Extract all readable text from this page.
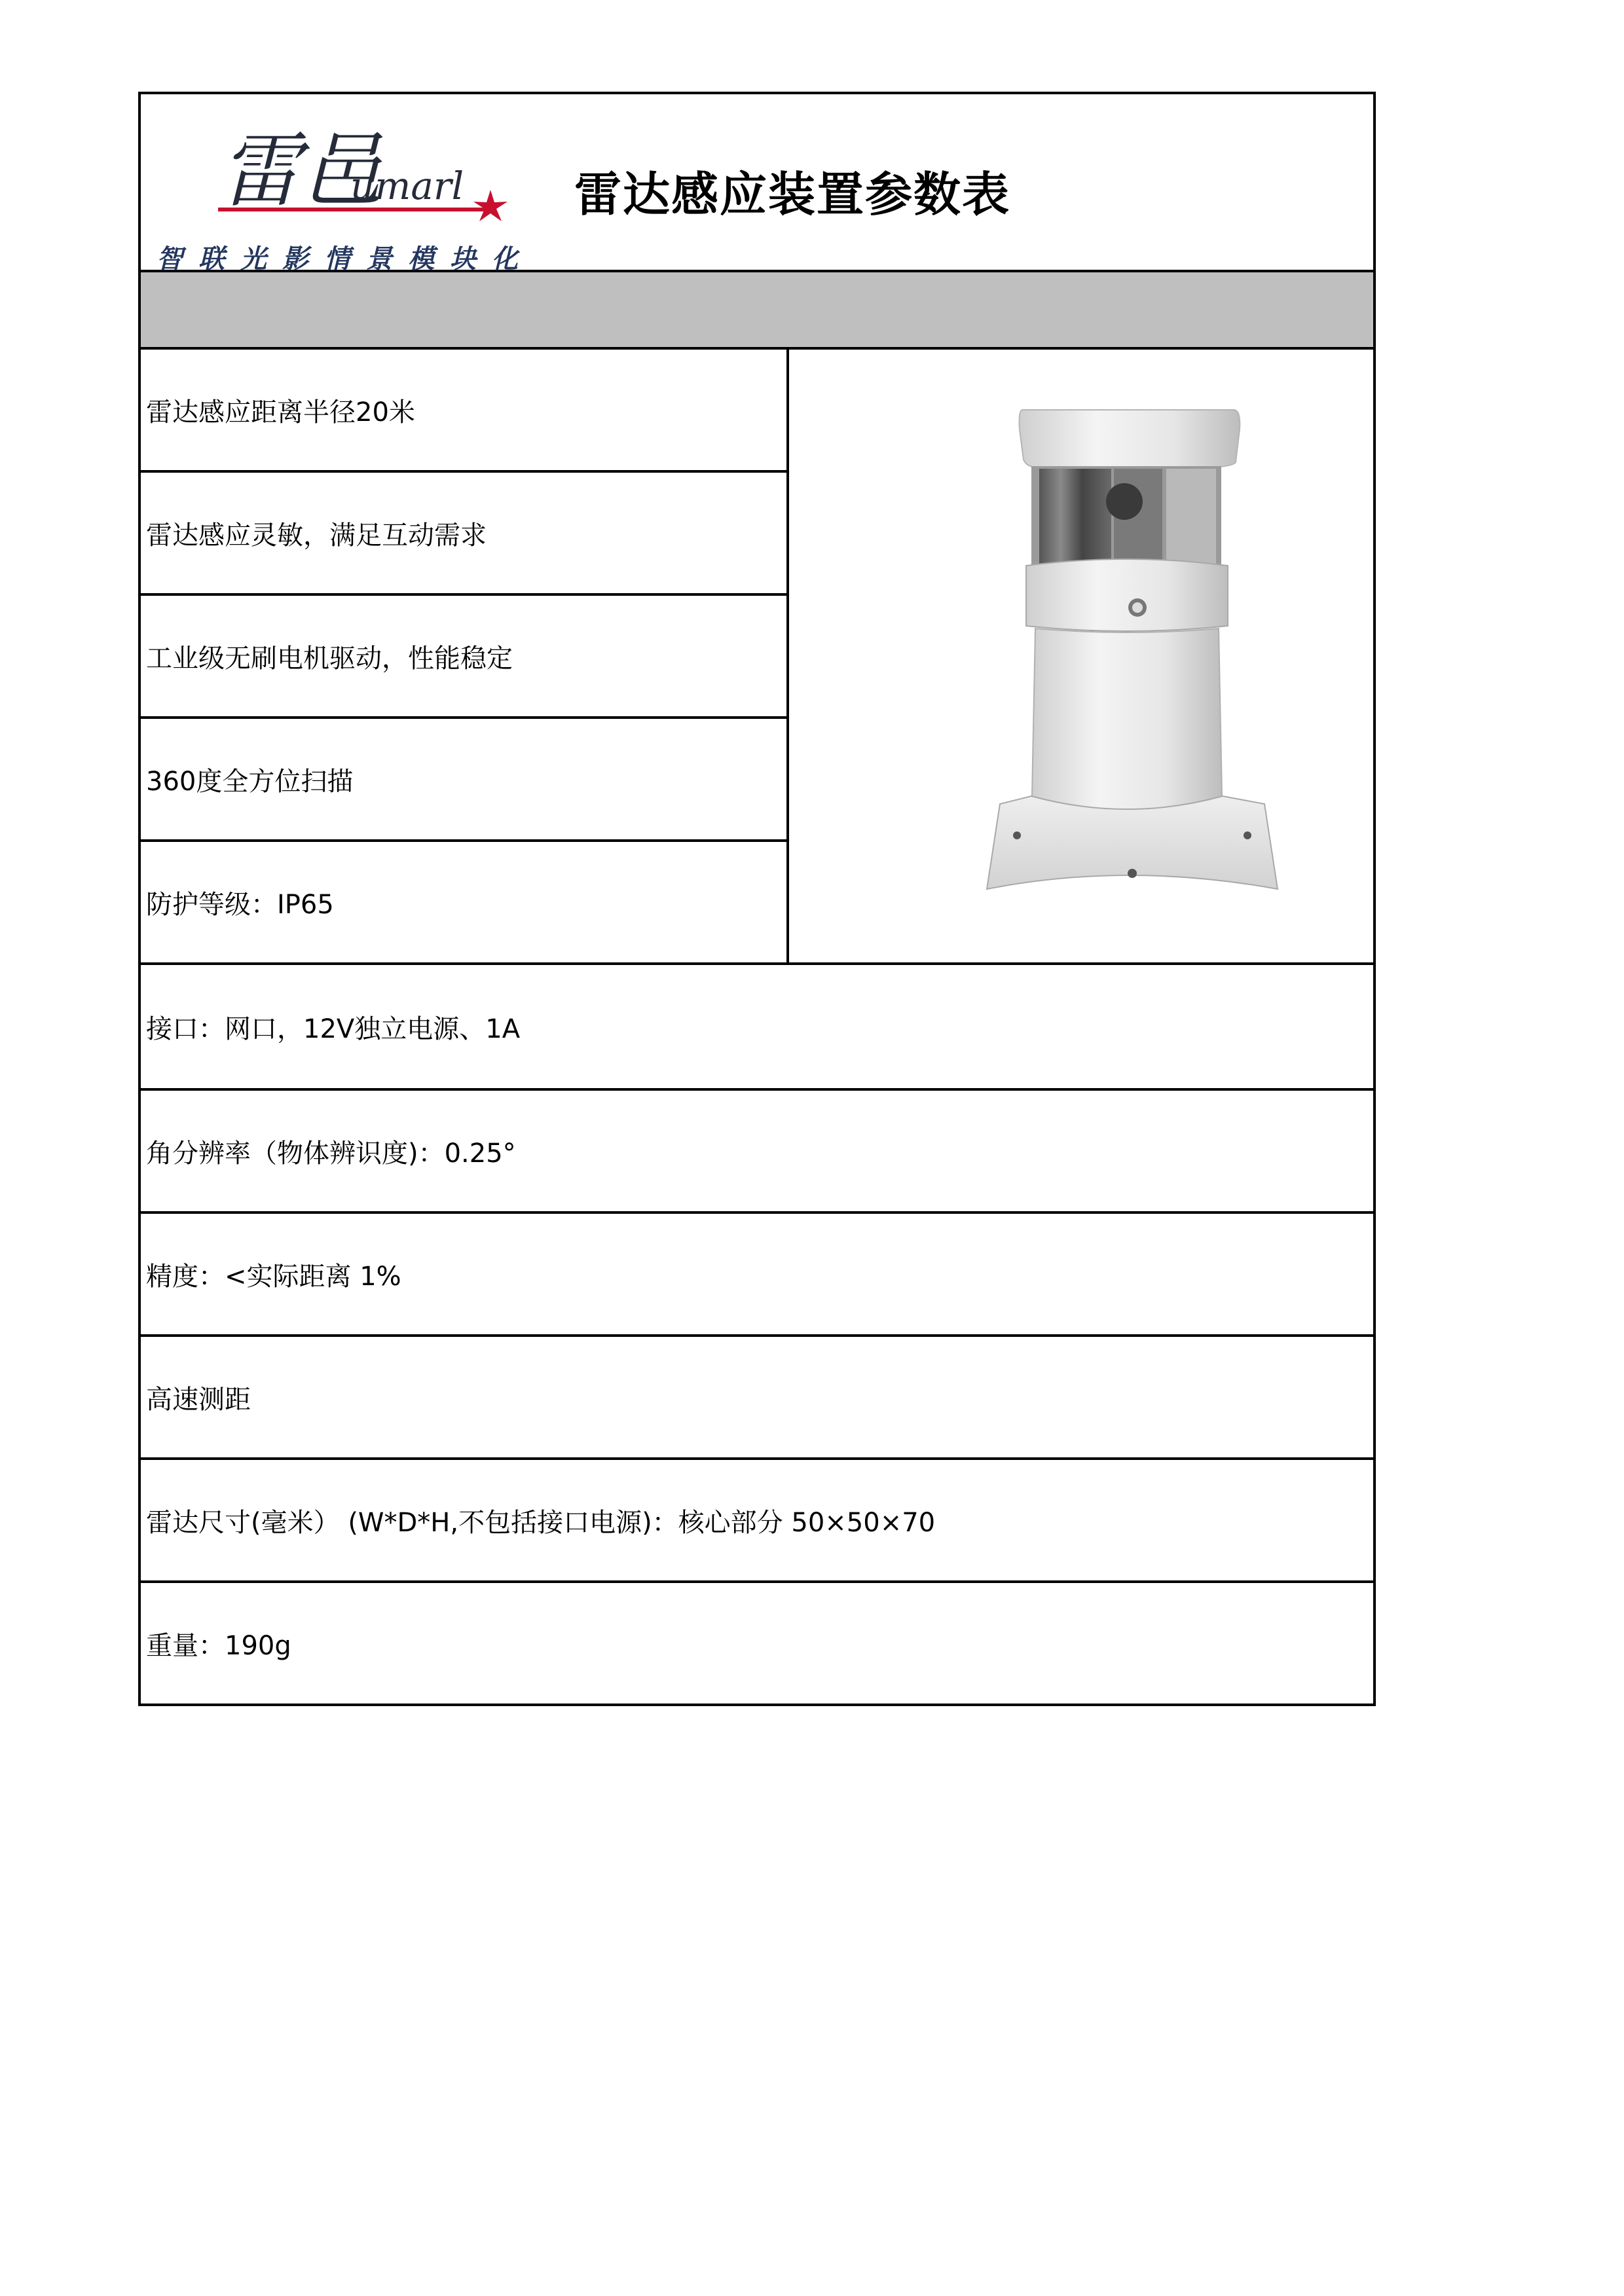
雷邑
umarl
智联光影情景模块化
雷达感应装置参数表
雷达感应距离半径20米
雷达感应灵敏，满足互动需求
工业级无刷电机驱动，性能稳定
360度全方位扫描
防护等级：IP65
接口：网口，12V独立电源、1A
角分辨率（物体辨识度)：0.25°
精度：<实际距离 1%
高速测距
雷达尺寸(毫米） (W*D*H,不包括接口电源)：核心部分 50×50×70
重量：190g
